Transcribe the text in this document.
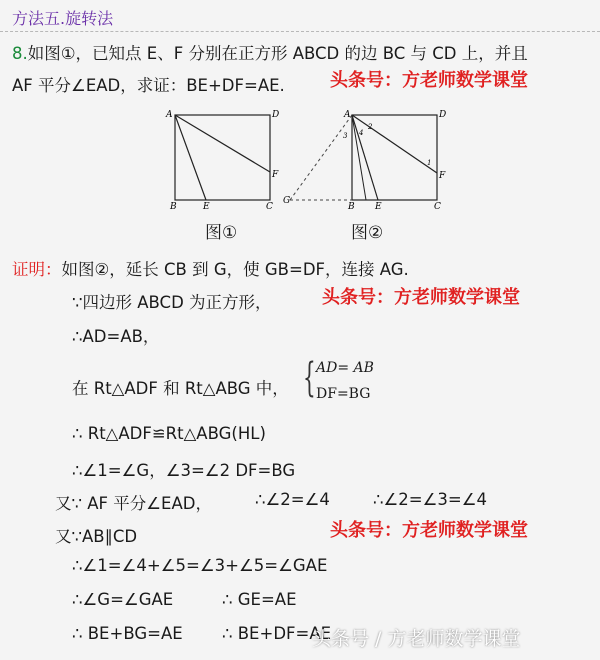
方法五.旋转法
8.如图①，已知点 E、F 分别在正方形 ABCD 的边 BC 与 CD 上，并且
AF 平分∠EAD，求证：BE+DF=AE.	头条号：方老师数学课堂
A	D
B	E	C
F
A	D
G
B E	C
F
2
4
3
1
图①	图②
证明：如图②，延长 CB 到 G，使 GB=DF，连接 AG.
∵四边形 ABCD 为正方形，	头条号：方老师数学课堂
∴AD=AB，
在 Rt△ADF 和 Rt△ABG 中， { AD= AB
DF=BG
∴ Rt△ADF≌Rt△ABG(HL)
∴∠1=∠G，∠3=∠2 DF=BG
又∵ AF 平分∠EAD，	∴∠2=∠4	∴∠2=∠3=∠4
又∵AB∥CD	头条号：方老师数学课堂
∴∠1=∠4+∠5=∠3+∠5=∠GAE
∴∠G=∠GAE	∴ GE=AE
∴ BE+BG=AE ∴ BE+DF=AE
头条号 / 方老师数学课堂
